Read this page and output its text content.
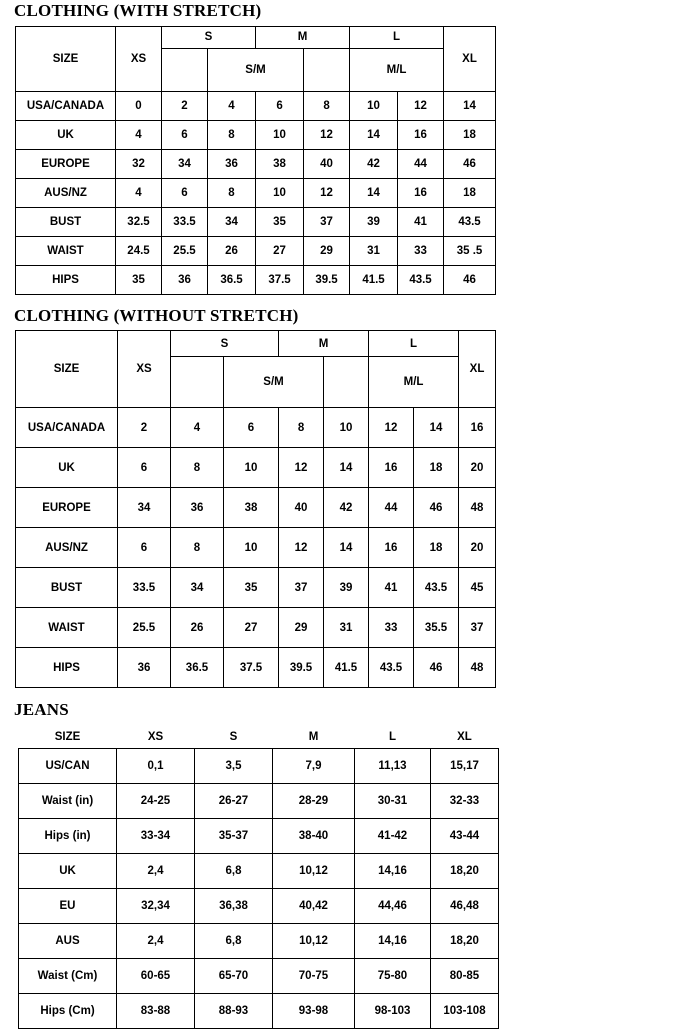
CLOTHING (WITH STRETCH)
SIZE	XS	S		M		L		XL
			S/M			M/L		

USA/CANADA	0	2	4	6	8	10	12	14
UK	4	6	8	10	12	14	16	18
EUROPE	32	34	36	38	40	42	44	46
AUS/NZ	4	6	8	10	12	14	16	18
BUST	32.5	33.5	34	35	37	39	41	43.5
WAIST	24.5	25.5	26	27	29	31	33	35 .5
HIPS	35	36	36.5	37.5	39.5	41.5	43.5	46
CLOTHING (WITHOUT STRETCH)
SIZE	XS	S		M		L		XL
			S/M			M/L		

USA/CANADA	2	4	6	8	10	12	14	16
UK	6	8	10	12	14	16	18	20
EUROPE	34	36	38	40	42	44	46	48
AUS/NZ	6	8	10	12	14	16	18	20
BUST	33.5	34	35	37	39	41	43.5	45
WAIST	25.5	26	27	29	31	33	35.5	37
HIPS	36	36.5	37.5	39.5	41.5	43.5	46	48
JEANS
SIZE	XS	S	M	L	XL
US/CAN	0,1	3,5	7,9	11,13	15,17
Waist (in)	24-25	26-27	28-29	30-31	32-33
Hips (in)	33-34	35-37	38-40	41-42	43-44
UK	2,4	6,8	10,12	14,16	18,20
EU	32,34	36,38	40,42	44,46	46,48
AUS	2,4	6,8	10,12	14,16	18,20
Waist (Cm)	60-65	65-70	70-75	75-80	80-85
Hips (Cm)	83-88	88-93	93-98	98-103	103-108
